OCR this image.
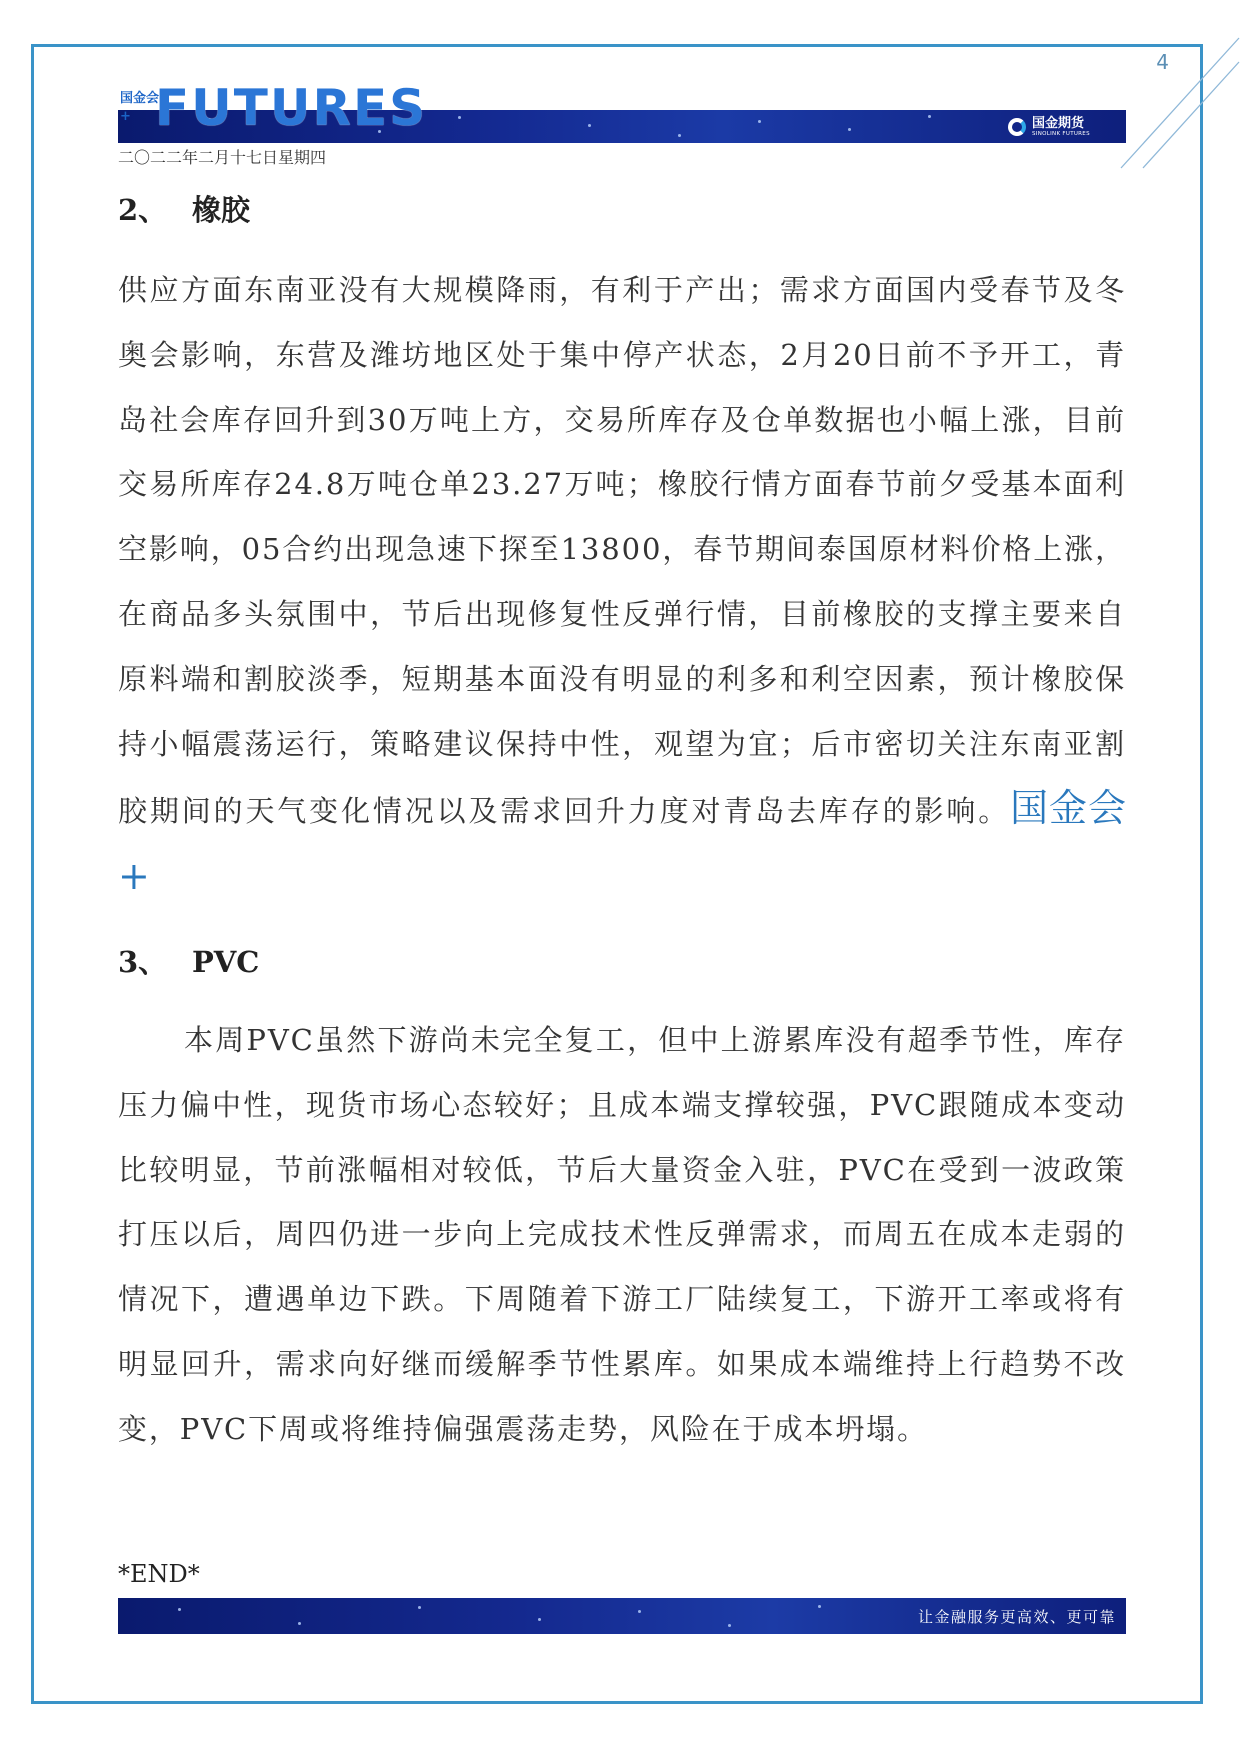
4
国金会+ FUTURES	国金期货
SINOLINK FUTURES
二〇二二年二月十七日星期四
2、 橡胶

供应方面东南亚没有大规模降雨，有利于产出；需求方面国内受春节及冬奥会影响，东营及潍坊地区处于集中停产状态，2月20日前不予开工，青岛社会库存回升到30万吨上方，交易所库存及仓单数据也小幅上涨，目前交易所库存24.8万吨仓单23.27万吨；橡胶行情方面春节前夕受基本面利空影响，05合约出现急速下探至13800，春节期间泰国原材料价格上涨，在商品多头氛围中，节后出现修复性反弹行情，目前橡胶的支撑主要来自原料端和割胶淡季，短期基本面没有明显的利多和利空因素，预计橡胶保持小幅震荡运行，策略建议保持中性，观望为宜；后市密切关注东南亚割胶期间的天气变化情况以及需求回升力度对青岛去库存的影响。国金会+

3、 PVC

本周PVC虽然下游尚未完全复工，但中上游累库没有超季节性，库存压力偏中性，现货市场心态较好；且成本端支撑较强，PVC跟随成本变动比较明显，节前涨幅相对较低，节后大量资金入驻，PVC在受到一波政策打压以后，周四仍进一步向上完成技术性反弹需求，而周五在成本走弱的情况下，遭遇单边下跌。下周随着下游工厂陆续复工，下游开工率或将有明显回升，需求向好继而缓解季节性累库。如果成本端维持上行趋势不改变，PVC下周或将维持偏强震荡走势，风险在于成本坍塌。

*END*
让金融服务更高效、更可靠
